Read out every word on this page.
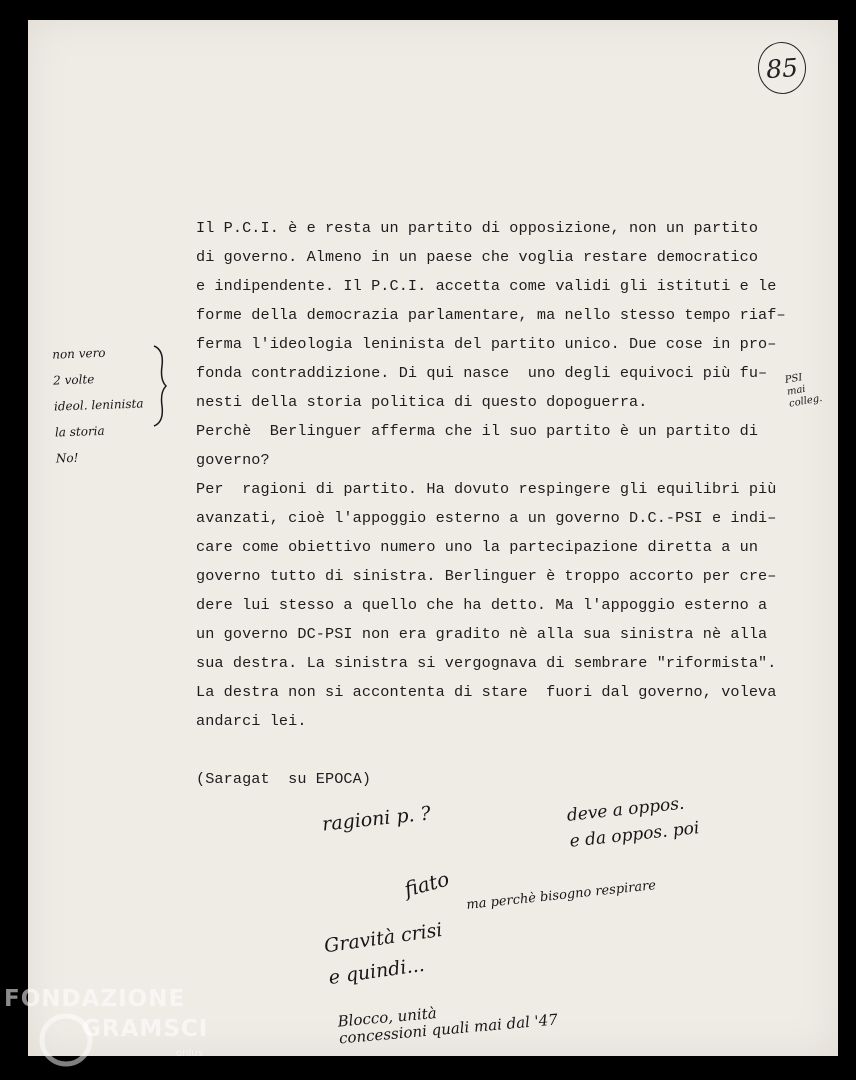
85
Il P.C.I. è e resta un partito di opposizione, non un partito
di governo. Almeno in un paese che voglia restare democratico
e indipendente. Il P.C.I. accetta come validi gli istituti e le
forme della democrazia parlamentare, ma nello stesso tempo riaf–
ferma l'ideologia leninista del partito unico. Due cose in pro–
fonda contraddizione. Di qui nasce  uno degli equivoci più fu–
nesti della storia politica di questo dopoguerra.
Perchè  Berlinguer afferma che il suo partito è un partito di
governo?
Per  ragioni di partito. Ha dovuto respingere gli equilibri più
avanzati, cioè l'appoggio esterno a un governo D.C.-PSI e indi–
care come obiettivo numero uno la partecipazione diretta a un
governo tutto di sinistra. Berlinguer è troppo accorto per cre–
dere lui stesso a quello che ha detto. Ma l'appoggio esterno a
un governo DC-PSI non era gradito nè alla sua sinistra nè alla
sua destra. La sinistra si vergognava di sembrare "riformista".
La destra non si accontenta di stare  fuori dal governo, voleva
andarci lei.

(Saragat  su EPOCA)
non vero
2 volte
ideol. leninista
la storia
No!
PSI
mai
colleg.
ragioni p. ?	deve a oppos.
e da oppos. poi
fiato ma perchè bisogno respirare
Gravità crisi
e quindi...
Blocco, unità
concessioni quali mai dal '47
FONDAZIONE
GRAMSCI
onlus
